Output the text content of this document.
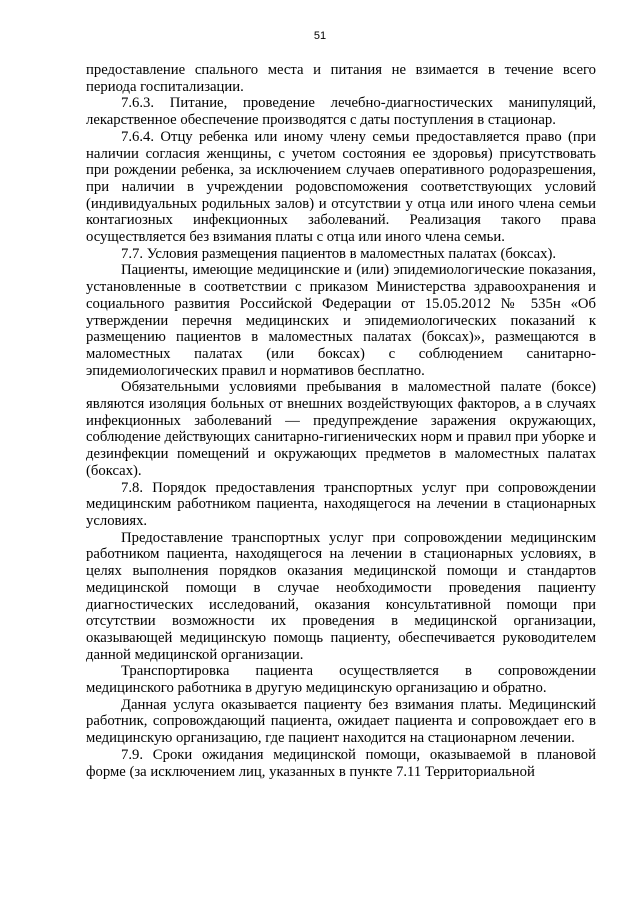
51

предоставление спального места и питания не взимается в течение всего периода госпитализации.

7.6.3. Питание, проведение лечебно-диагностических манипуляций, лекарственное обеспечение производятся с даты поступления в стационар.

7.6.4. Отцу ребенка или иному члену семьи предоставляется право (при наличии согласия женщины, с учетом состояния ее здоровья) присутствовать при рождении ребенка, за исключением случаев оперативного родоразрешения, при наличии в учреждении родовспоможения соответствующих условий (индивидуальных родильных залов) и отсутствии у отца или иного члена семьи контагиозных инфекционных заболеваний. Реализация такого права осуществляется без взимания платы с отца или иного члена семьи.

7.7. Условия размещения пациентов в маломестных палатах (боксах).

Пациенты, имеющие медицинские и (или) эпидемиологические показания, установленные в соответствии с приказом Министерства здравоохранения и социального развития Российской Федерации от 15.05.2012 № 535н «Об утверждении перечня медицинских и эпидемиологических показаний к размещению пациентов в маломестных палатах (боксах)», размещаются в маломестных палатах (или боксах) с соблюдением санитарно-эпидемиологических правил и нормативов бесплатно.

Обязательными условиями пребывания в маломестной палате (боксе) являются изоляция больных от внешних воздействующих факторов, а в случаях инфекционных заболеваний — предупреждение заражения окружающих, соблюдение действующих санитарно-гигиенических норм и правил при уборке и дезинфекции помещений и окружающих предметов в маломестных палатах (боксах).

7.8. Порядок предоставления транспортных услуг при сопровождении медицинским работником пациента, находящегося на лечении в стационарных условиях.

Предоставление транспортных услуг при сопровождении медицинским работником пациента, находящегося на лечении в стационарных условиях, в целях выполнения порядков оказания медицинской помощи и стандартов медицинской помощи в случае необходимости проведения пациенту диагностических исследований, оказания консультативной помощи при отсутствии возможности их проведения в медицинской организации, оказывающей медицинскую помощь пациенту, обеспечивается руководителем данной медицинской организации.

Транспортировка пациента осуществляется в сопровождении медицинского работника в другую медицинскую организацию и обратно.

Данная услуга оказывается пациенту без взимания платы. Медицинский работник, сопровождающий пациента, ожидает пациента и сопровождает его в медицинскую организацию, где пациент находится на стационарном лечении.

7.9. Сроки ожидания медицинской помощи, оказываемой в плановой форме (за исключением лиц, указанных в пункте 7.11 Территориальной
